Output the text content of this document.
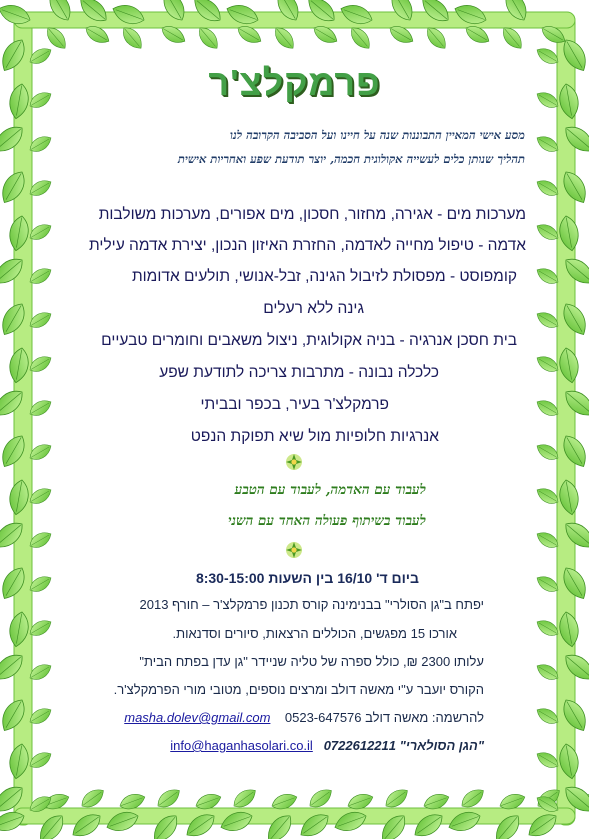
פרמקלצ'ר
מסע אישי המאיין התבוננות שנה על חיינו ועל הסביבה הקרובה לנו
תהליך שנותן כלים לעשייה אקולוגית חכמה, יוצר תודעת שפע ואחריות אישית
מערכות מים - אגירה, מחזור, חסכון, מים אפורים, מערכות משולבות
אדמה - טיפול מחייה לאדמה, החזרת האיזון הנכון, יצירת אדמה עילית
קומפוסט - מפסולת לזיבול הגינה, זבל-אנושי, תולעים אדומות
גינה ללא רעלים
בית חסכן אנרגיה - בניה אקולוגית, ניצול משאבים וחומרים טבעיים
כלכלה נבונה - מתרבות צריכה לתודעת שפע
פרמקלצ'ר בעיר, בכפר ובביתי
אנרגיות חלופיות מול שיא תפוקת הנפט
לעבוד עם האדמה, לעבוד עם הטבע
לעבוד בשיתוף פעולה האחד עם השני
ביום ד' 16/10 בין השעות 8:30-15:00
יפתח ב"גן הסולרי" בבנימינה קורס תכנון פרמקלצ'ר – חורף 2013
אורכו 15 מפגשים, הכוללים הרצאות, סיורים וסדנאות.
עלותו 2300 ₪, כולל ספרה של טליה שניידר "גן עדן בפתח הבית"
הקורס יועבר ע"י מאשה דולב ומרצים נוספים, מטובי מורי הפרמקלצ'ר.
להרשמה: מאשה דולב 0523-647576    masha.dolev@gmail.com
"הגן הסולארי" 0722612211   info@haganhasolari.co.il
